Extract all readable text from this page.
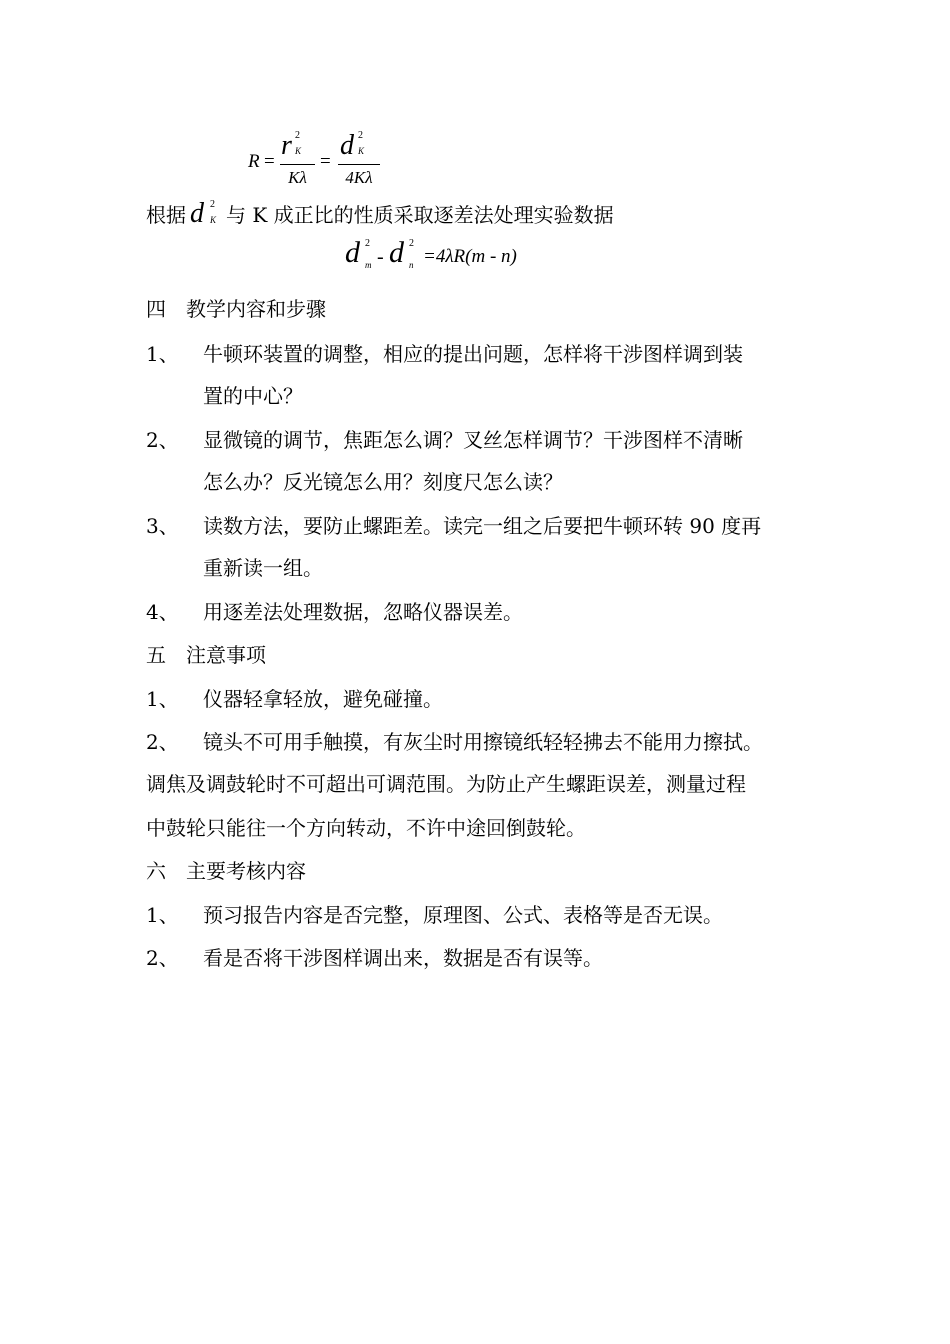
R =
r 2
K
Kλ
=
d 2
K
4Kλ
根据 d 2
K 与 K 成正比的性质采取逐差法处理实验数据
d 2
m - d 2
n =4λR(m - n)
四　教学内容和步骤
1、 牛顿环装置的调整，相应的提出问题，怎样将干涉图样调到装
置的中心？
2、 显微镜的调节，焦距怎么调？叉丝怎样调节？干涉图样不清晰
怎么办？反光镜怎么用？刻度尺怎么读？
3、 读数方法，要防止螺距差。读完一组之后要把牛顿环转 90 度再
重新读一组。
4、 用逐差法处理数据，忽略仪器误差。
五　注意事项
1、 仪器轻拿轻放，避免碰撞。
2、 镜头不可用手触摸，有灰尘时用擦镜纸轻轻拂去不能用力擦拭。
调焦及调鼓轮时不可超出可调范围。为防止产生螺距误差，测量过程
中鼓轮只能往一个方向转动，不许中途回倒鼓轮。
六　主要考核内容
1、 预习报告内容是否完整，原理图、公式、表格等是否无误。
2、 看是否将干涉图样调出来，数据是否有误等。
